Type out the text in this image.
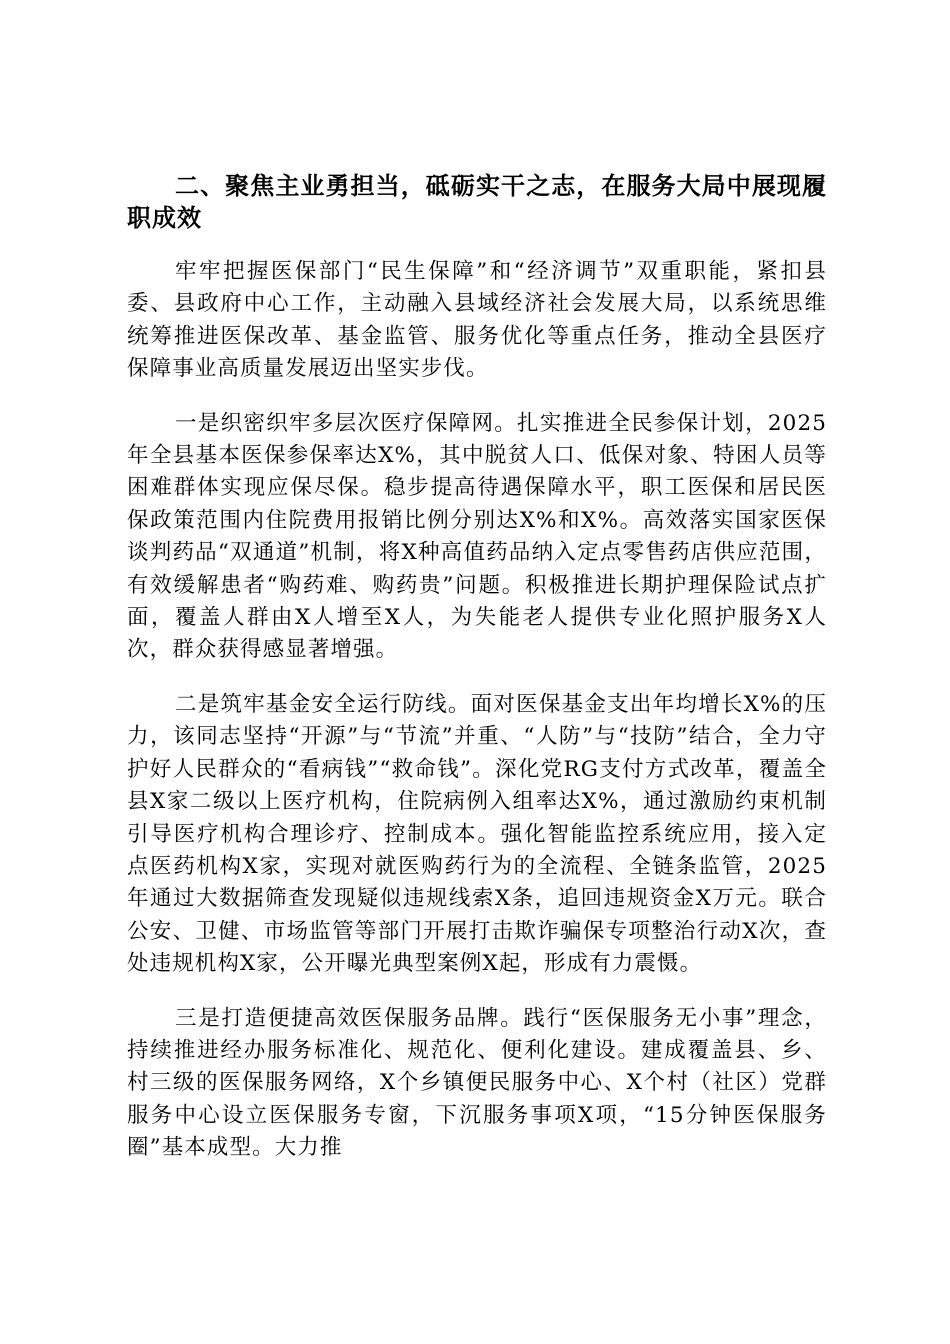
二、聚焦主业勇担当，砥砺实干之志，在服务大局中展现履职成效

牢牢把握医保部门“民生保障”和“经济调节”双重职能，紧扣县委、县政府中心工作，主动融入县域经济社会发展大局，以系统思维统筹推进医保改革、基金监管、服务优化等重点任务，推动全县医疗保障事业高质量发展迈出坚实步伐。

一是织密织牢多层次医疗保障网。扎实推进全民参保计划，2025年全县基本医保参保率达X%，其中脱贫人口、低保对象、特困人员等困难群体实现应保尽保。稳步提高待遇保障水平，职工医保和居民医保政策范围内住院费用报销比例分别达X%和X%。高效落实国家医保谈判药品“双通道”机制，将X种高值药品纳入定点零售药店供应范围，有效缓解患者“购药难、购药贵”问题。积极推进长期护理保险试点扩面，覆盖人群由X人增至X人，为失能老人提供专业化照护服务X人次，群众获得感显著增强。

二是筑牢基金安全运行防线。面对医保基金支出年均增长X%的压力，该同志坚持“开源”与“节流”并重、“人防”与“技防”结合，全力守护好人民群众的“看病钱”“救命钱”。深化党RG支付方式改革，覆盖全县X家二级以上医疗机构，住院病例入组率达X%，通过激励约束机制引导医疗机构合理诊疗、控制成本。强化智能监控系统应用，接入定点医药机构X家，实现对就医购药行为的全流程、全链条监管，2025年通过大数据筛查发现疑似违规线索X条，追回违规资金X万元。联合公安、卫健、市场监管等部门开展打击欺诈骗保专项整治行动X次，查处违规机构X家，公开曝光典型案例X起，形成有力震慑。

三是打造便捷高效医保服务品牌。践行“医保服务无小事”理念，持续推进经办服务标准化、规范化、便利化建设。建成覆盖县、乡、村三级的医保服务网络，X个乡镇便民服务中心、X个村（社区）党群服务中心设立医保服务专窗，下沉服务事项X项，“15分钟医保服务圈”基本成型。大力推
